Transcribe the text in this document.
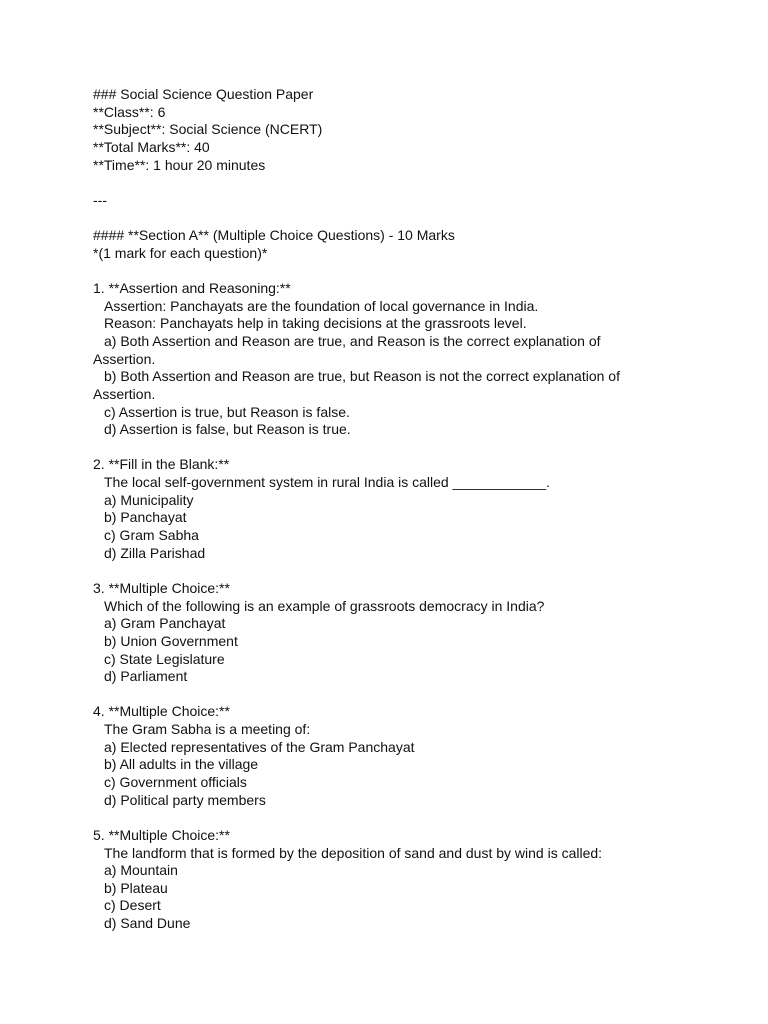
### Social Science Question Paper
**Class**: 6
**Subject**: Social Science (NCERT)
**Total Marks**: 40
**Time**: 1 hour 20 minutes
---
#### **Section A** (Multiple Choice Questions) - 10 Marks
*(1 mark for each question)*
1. **Assertion and Reasoning:**
Assertion: Panchayats are the foundation of local governance in India.
Reason: Panchayats help in taking decisions at the grassroots level.
a) Both Assertion and Reason are true, and Reason is the correct explanation of
Assertion.
b) Both Assertion and Reason are true, but Reason is not the correct explanation of
Assertion.
c) Assertion is true, but Reason is false.
d) Assertion is false, but Reason is true.
2. **Fill in the Blank:**
The local self-government system in rural India is called ____________.
a) Municipality
b) Panchayat
c) Gram Sabha
d) Zilla Parishad
3. **Multiple Choice:**
Which of the following is an example of grassroots democracy in India?
a) Gram Panchayat
b) Union Government
c) State Legislature
d) Parliament
4. **Multiple Choice:**
The Gram Sabha is a meeting of:
a) Elected representatives of the Gram Panchayat
b) All adults in the village
c) Government officials
d) Political party members
5. **Multiple Choice:**
The landform that is formed by the deposition of sand and dust by wind is called:
a) Mountain
b) Plateau
c) Desert
d) Sand Dune
